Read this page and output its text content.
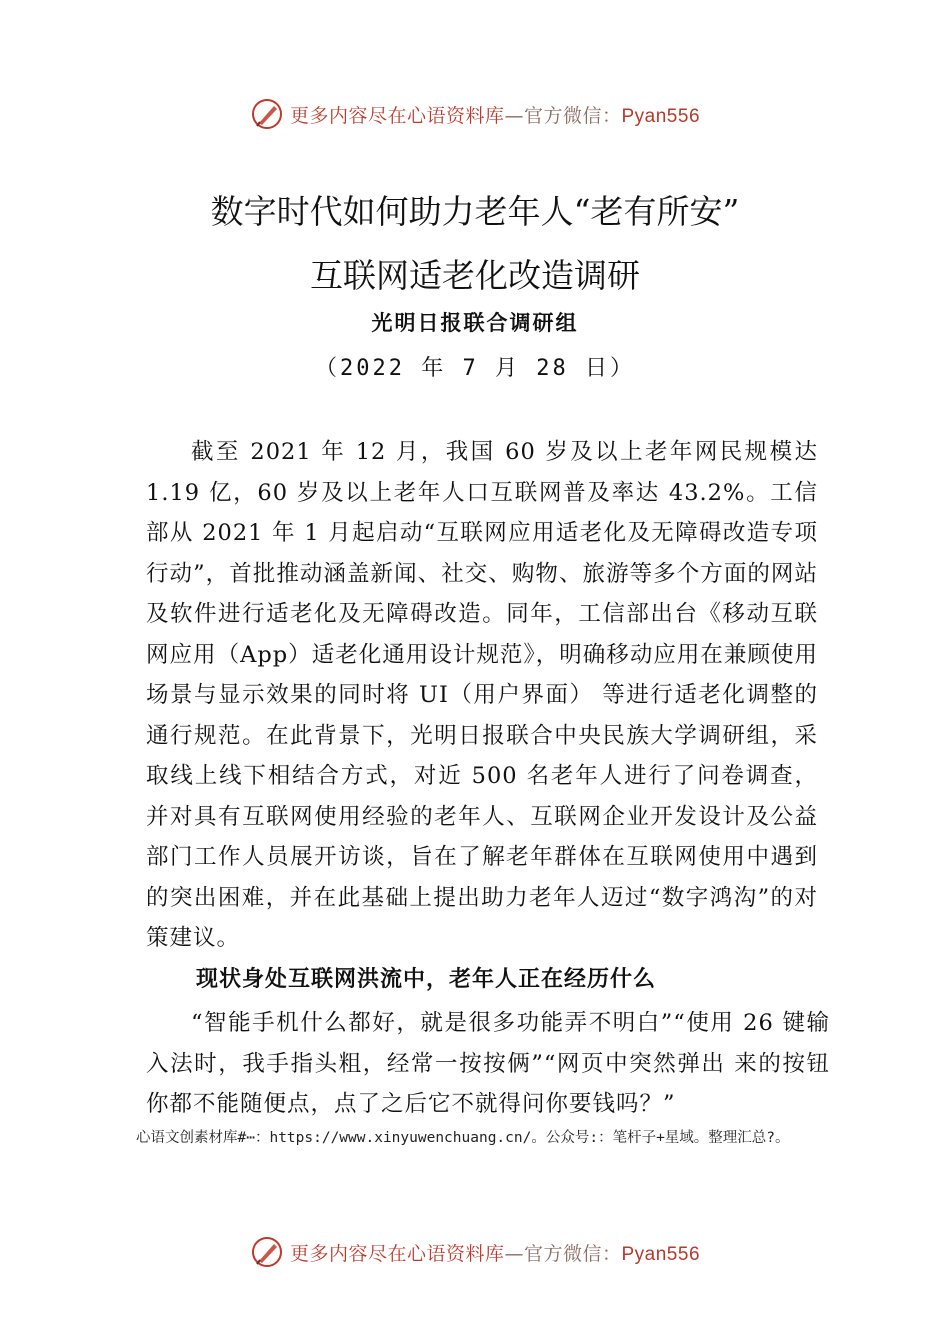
更多内容尽在心语资料库—官方微信：Pyan556
数字时代如何助力老年人“老有所安”
互联网适老化改造调研
光明日报联合调研组
（2022 年 7 月 28 日）

截至 2021 年 12 月，我国 60 岁及以上老年网民规模达 1.19 亿，60 岁及以上老年人口互联网普及率达 43.2%。工信部从 2021 年 1 月起启动“互联网应用适老化及无障碍改造专项行动”，首批推动涵盖新闻、社交、购物、旅游等多个方面的网站及软件进行适老化及无障碍改造。同年，工信部出台《移动互联网应用（App）适老化通用设计规范》，明确移动应用在兼顾使用场景与显示效果的同时将 UI（用户界面） 等进行适老化调整的通行规范。在此背景下，光明日报联合中央民族大学调研组，采取线上线下相结合方式，对近 500 名老年人进行了问卷调查，并对具有互联网使用经验的老年人、互联网企业开发设计及公益部门工作人员展开访谈，旨在了解老年群体在互联网使用中遇到的突出困难，并在此基础上提出助力老年人迈过“数字鸿沟”的对策建议。

现状身处互联网洪流中，老年人正在经历什么

“智能手机什么都好，就是很多功能弄不明白”“使用 26 键输入法时，我手指头粗，经常一按按俩”“网页中突然弹出 来的按钮你都不能随便点，点了之后它不就得问你要钱吗？”

心语文创素材库#⋯：https://www.xinyuwenchuang.cn/。公众号:：笔杆子+星域。整理汇总?。
更多内容尽在心语资料库—官方微信：Pyan556
